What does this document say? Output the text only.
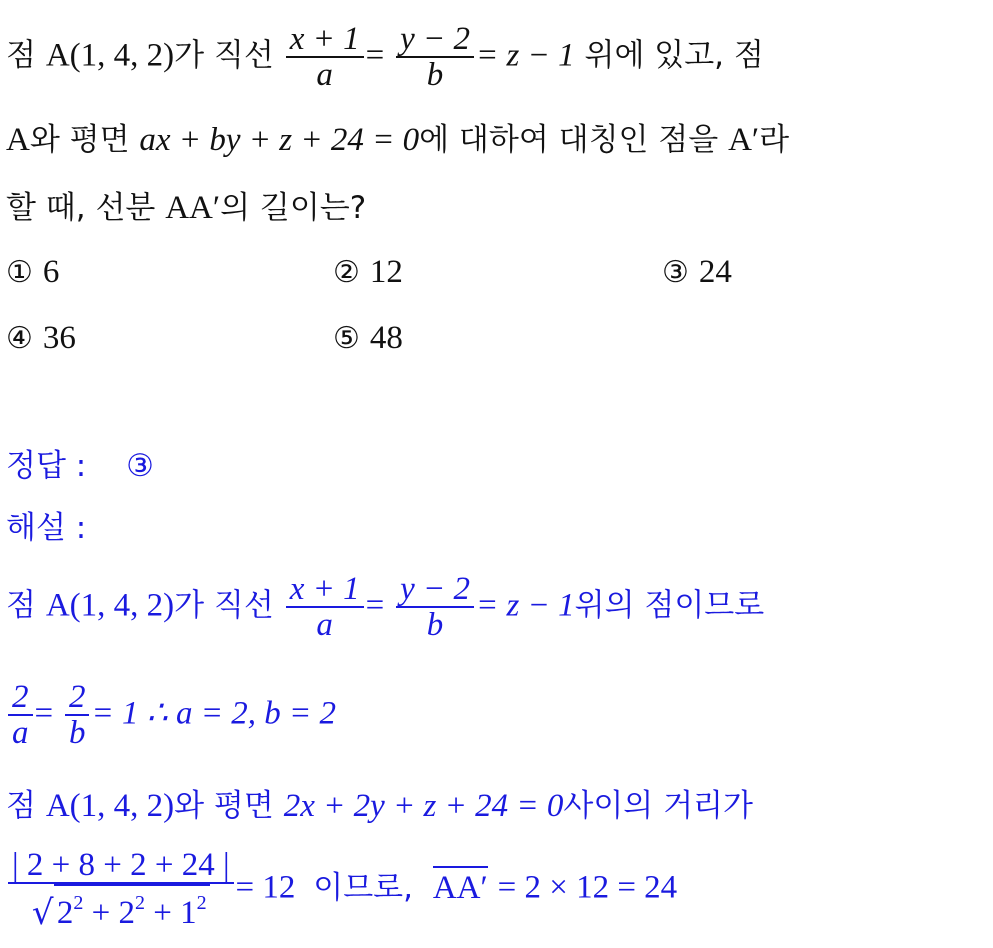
점 A(1, 4, 2)가 직선 $\frac{x + 1}{a} = \frac{y - 2}{b} = z - 1$ 위에 있고, 점
A와 평면 ax + by + z + 24 = 0에 대하여 대칭인 점을 A′라
할 때, 선분 AA′의 길이는?
① 6	② 12	③ 24
④ 36	⑤ 48
정답 : ③
해설 :
점 A(1, 4, 2)가 직선 $\frac{x + 1}{a} = \frac{y - 2}{b} = z - 1$위의 점이므로
$\frac{2}{a} = \frac{2}{b} = 1$ ∴ a = 2, b = 2
점 A(1, 4, 2)와 평면 2x + 2y + z + 24 = 0사이의 거리가
$\frac{| 2 + 8 + 2 + 24 |}{√ 2^2 + 2^2 + 1^2} = 12$ 이므로, AA′ = 2 × 12 = 24
